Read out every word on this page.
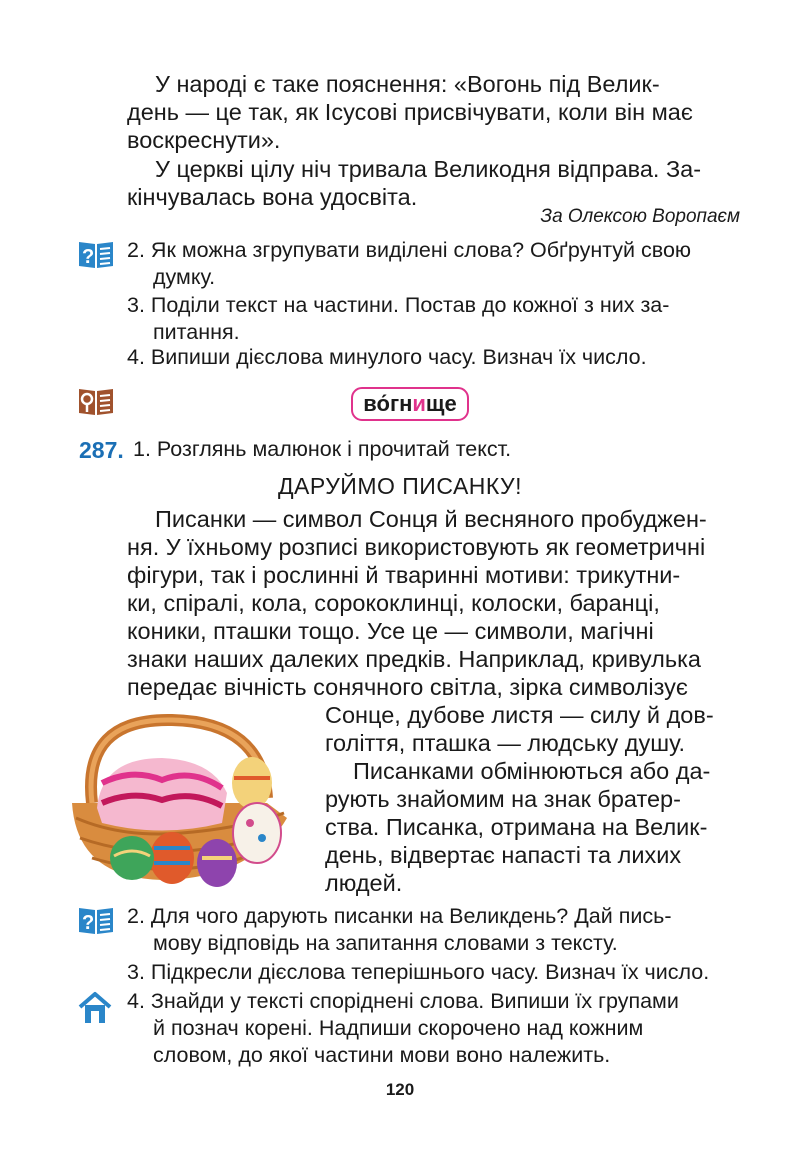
У народі є таке пояснення: «Вогонь під Велик-
день — це так, як Ісусові присвічувати, коли він має
воскреснути».
У церкві цілу ніч тривала Великодня відправа. За-
кінчувалась вона удосвіта.
За Олексою Воропаєм
? 2. Як можна згрупувати виділені слова? Обґрунтуй свою
думку.
3. Поділи текст на частини. Постав до кожної з них за-
питання.
4. Випиши дієслова минулого часу. Визнач їх число.
во́гн и ще
287. 1. Розглянь малюнок і прочитай текст.
ДАРУЙМО ПИСАНКУ!
Писанки — символ Сонця й весняного пробуджен-
ня. У їхньому розписі використовують як геометричні
фігури, так і рослинні й тваринні мотиви: трикутни-
ки, спіралі, кола, сорококлинці, колоски, баранці,
коники, пташки тощо. Усе це — символи, магічні
знаки наших далеких предків. Наприклад, кривулька
передає вічність сонячного світла, зірка символізує
Сонце, дубове листя — силу й дов-
голіття, пташка — людську душу.
Писанками обмінюються або да-
рують знайомим на знак братер-
ства. Писанка, отримана на Велик-
день, відвертає напасті та лихих
людей.
? 2. Для чого дарують писанки на Великдень? Дай пись-
мову відповідь на запитання словами з тексту.
3. Підкресли дієслова теперішнього часу. Визнач їх число.
4. Знайди у тексті споріднені слова. Випиши їх групами
й познач корені. Надпиши скорочено над кожним
словом, до якої частини мови воно належить.
120
